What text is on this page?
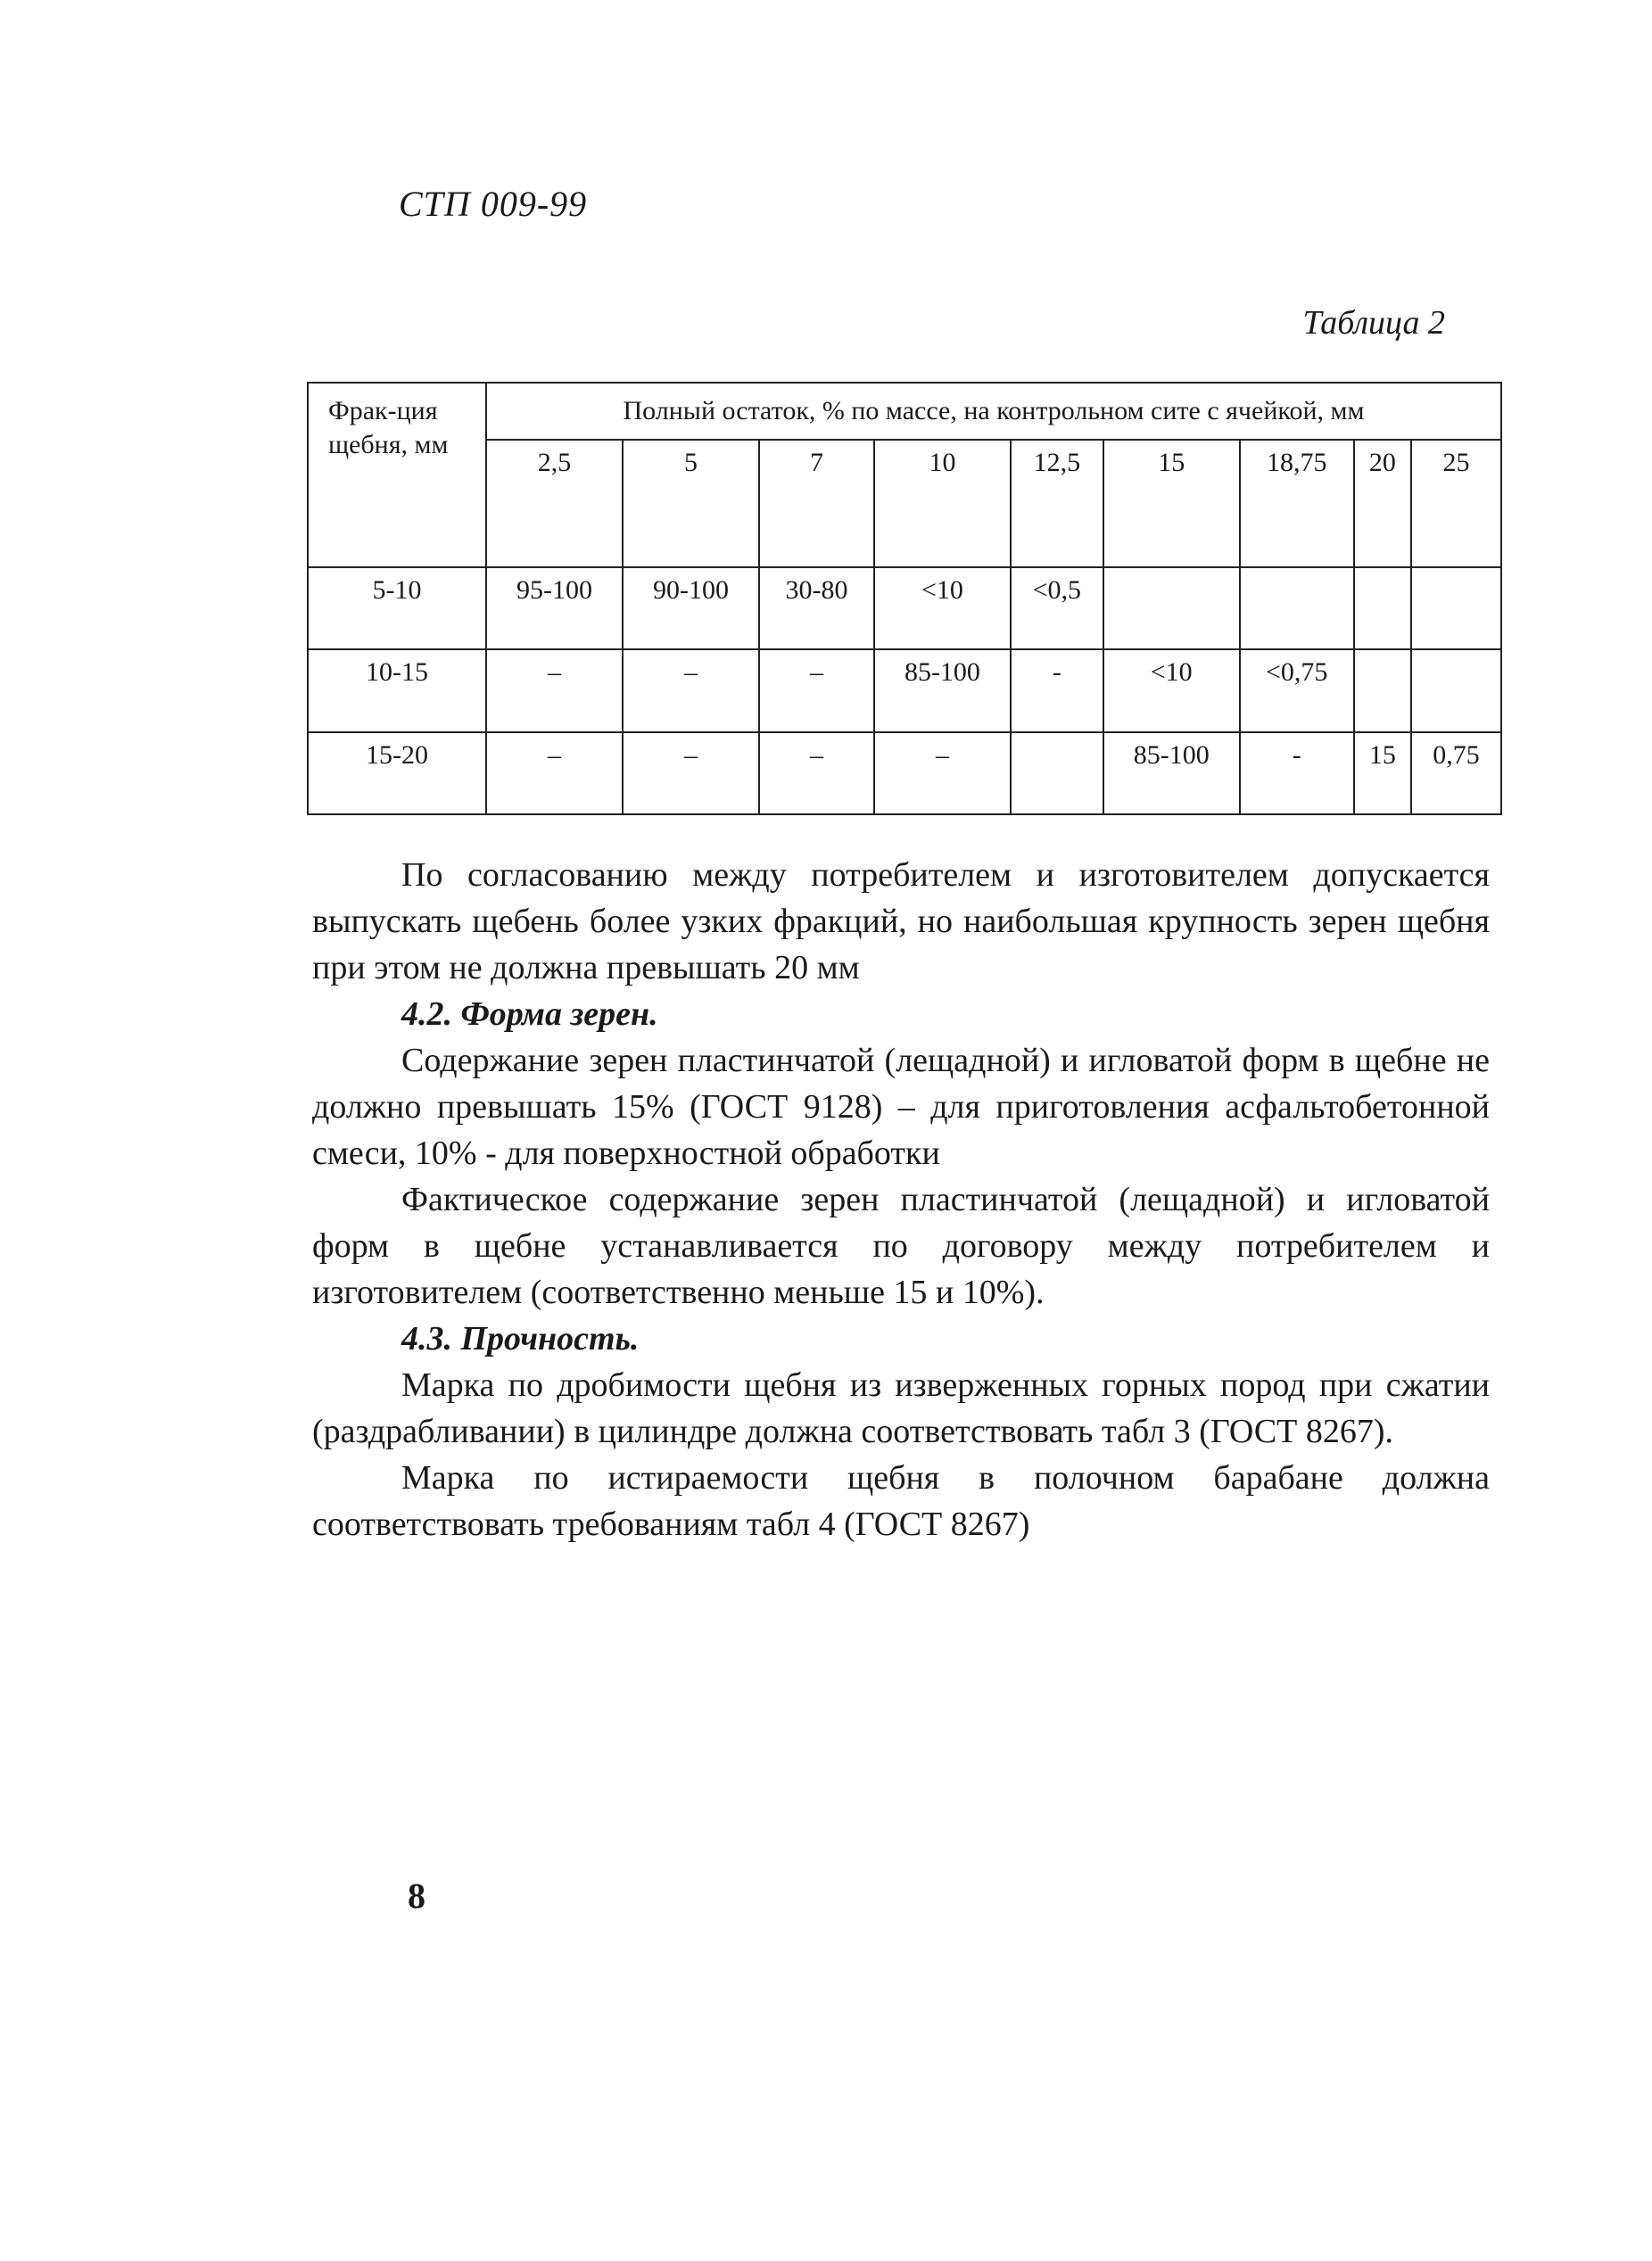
СТП 009-99
Таблица 2
Фрак-ция щебня, мм	Полный остаток, % по массе, на контрольном сите с ячейкой, мм								
	2,5	5	7	10	12,5	15	18,75	20	25
5-10	95-100	90-100	30-80	<10	<0,5				
10-15	–	–	–	85-100	-	<10	<0,75		
15-20	–	–	–	–		85-100	-	15	0,75

По согласованию между потребителем и изготовителем допускается выпускать щебень более узких фракций, но наибольшая крупность зерен щебня при этом не должна превышать 20 мм

4.2. Форма зерен.

Содержание зерен пластинчатой (лещадной) и игловатой форм в щебне не должно превышать 15% (ГОСТ 9128) – для приготовления асфальтобетонной смеси, 10% - для поверхностной обработки

Фактическое содержание зерен пластинчатой (лещадной) и игловатой форм в щебне устанавливается по договору между потребителем и изготовителем (соответственно меньше 15 и 10%).

4.3. Прочность.

Марка по дробимости щебня из изверженных горных пород при сжатии (раздрабливании) в цилиндре должна соответствовать табл 3 (ГОСТ 8267).

Марка по истираемости щебня в полочном барабане должна соответствовать требованиям табл 4 (ГОСТ 8267)

8
